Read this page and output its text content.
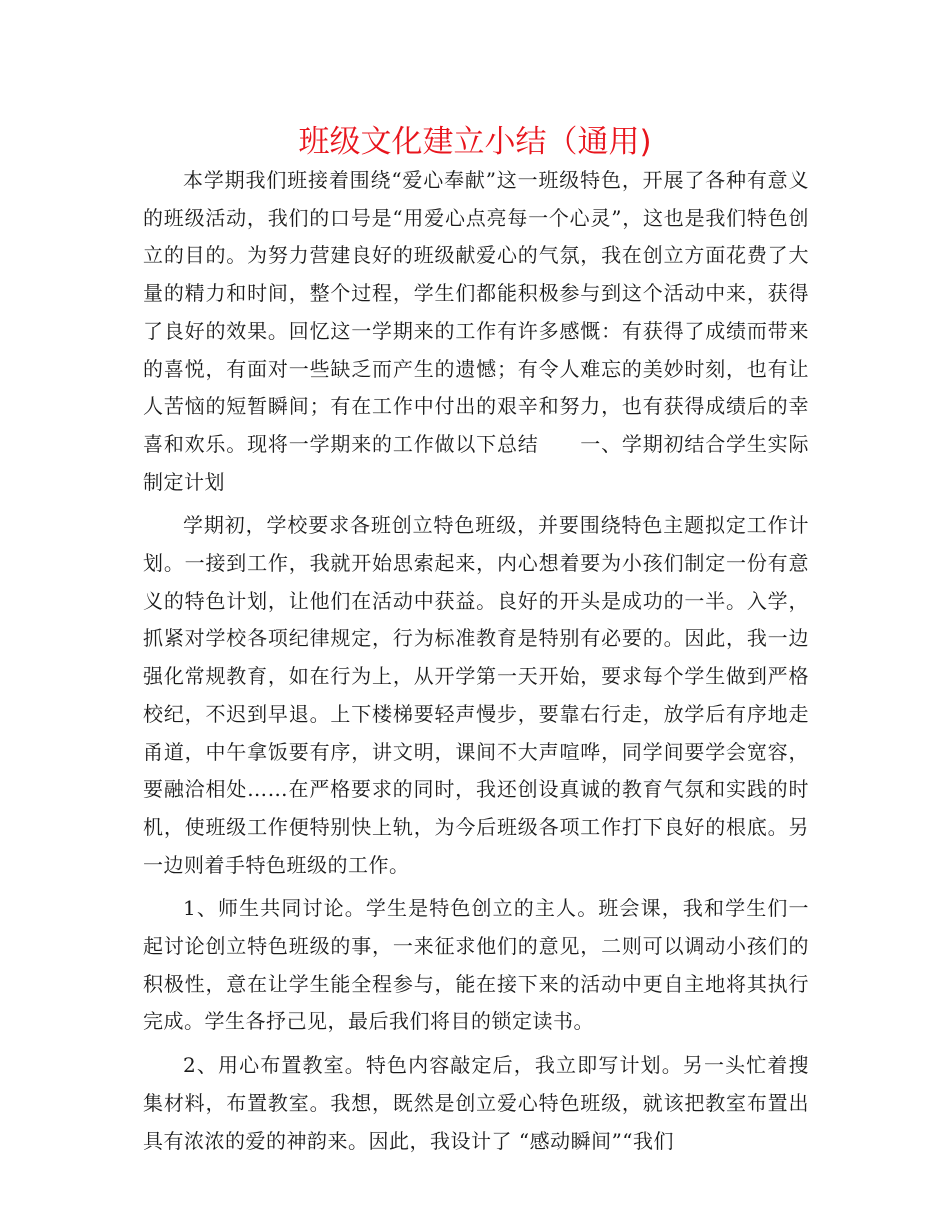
班级文化建立小结（通用)

本学期我们班接着围绕“爱心奉献”这一班级特色，开展了各种有意义的班级活动，我们的口号是“用爱心点亮每一个心灵”，这也是我们特色创立的目的。为努力营建良好的班级献爱心的气氛，我在创立方面花费了大量的精力和时间，整个过程，学生们都能积极参与到这个活动中来，获得了良好的效果。回忆这一学期来的工作有许多感慨：有获得了成绩而带来的喜悦，有面对一些缺乏而产生的遗憾；有令人难忘的美妙时刻，也有让人苦恼的短暂瞬间；有在工作中付出的艰辛和努力，也有获得成绩后的幸喜和欢乐。现将一学期来的工作做以下总结　　一、学期初结合学生实际制定计划

学期初，学校要求各班创立特色班级，并要围绕特色主题拟定工作计划。一接到工作，我就开始思索起来，内心想着要为小孩们制定一份有意义的特色计划，让他们在活动中获益。良好的开头是成功的一半。入学，抓紧对学校各项纪律规定，行为标准教育是特别有必要的。因此，我一边强化常规教育，如在行为上，从开学第一天开始，要求每个学生做到严格校纪，不迟到早退。上下楼梯要轻声慢步，要靠右行走，放学后有序地走甬道，中午拿饭要有序，讲文明，课间不大声喧哗，同学间要学会宽容，要融洽相处……在严格要求的同时，我还创设真诚的教育气氛和实践的时机，使班级工作便特别快上轨，为今后班级各项工作打下良好的根底。另一边则着手特色班级的工作。

1、师生共同讨论。学生是特色创立的主人。班会课，我和学生们一起讨论创立特色班级的事，一来征求他们的意见，二则可以调动小孩们的积极性，意在让学生能全程参与，能在接下来的活动中更自主地将其执行完成。学生各抒己见，最后我们将目的锁定读书。

2、用心布置教室。特色内容敲定后，我立即写计划。另一头忙着搜集材料，布置教室。我想，既然是创立爱心特色班级，就该把教室布置出具有浓浓的爱的神韵来。因此，我设计了 “感动瞬间”“我们
